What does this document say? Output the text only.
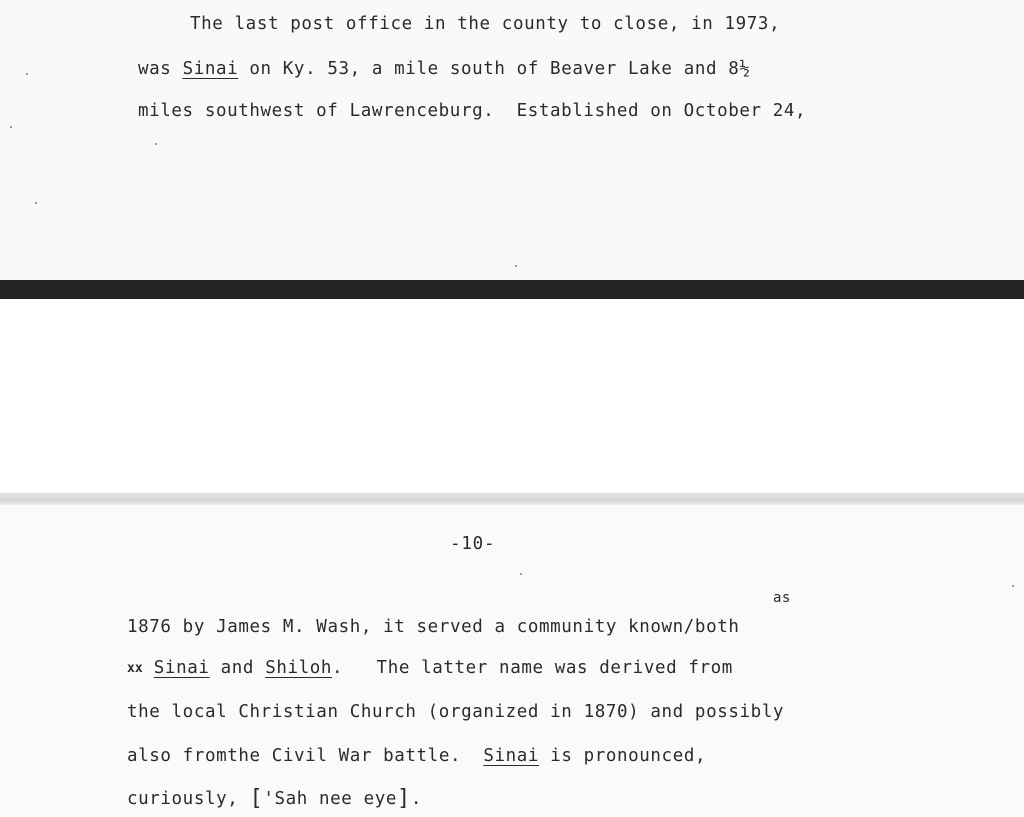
The last post office in the county to close, in 1973,
was Sinai on Ky. 53, a mile south of Beaver Lake and 8½
miles southwest of Lawrenceburg.  Established on October 24,
-10-
as
1876 by James M. Wash, it served a community known/both
xx Sinai and Shiloh.   The latter name was derived from
the local Christian Church (organized in 1870) and possibly
also fromthe Civil War battle.  Sinai is pronounced,
curiously, ['Sah nee eye].
